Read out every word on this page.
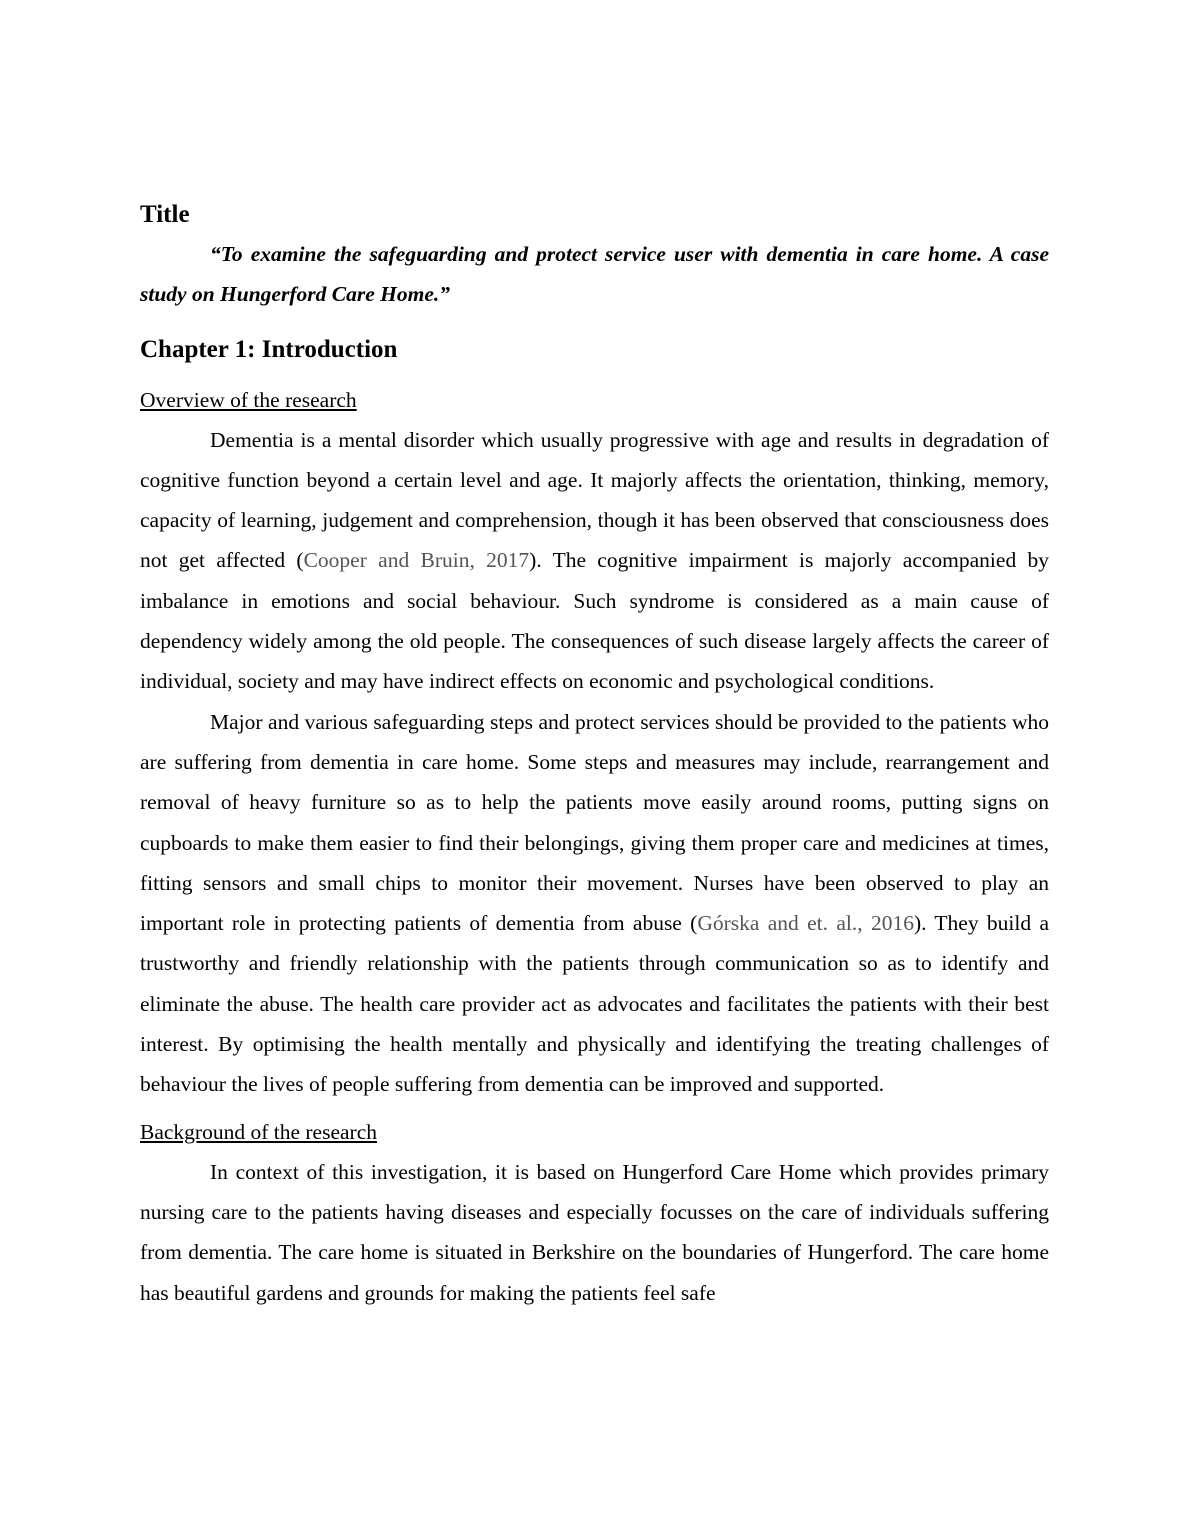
Title

“To examine the safeguarding and protect service user with dementia in care home. A case study on Hungerford Care Home.”

Chapter 1: Introduction
Overview of the research

Dementia is a mental disorder which usually progressive with age and results in degradation of cognitive function beyond a certain level and age. It majorly affects the orientation, thinking, memory, capacity of learning, judgement and comprehension, though it has been observed that consciousness does not get affected (Cooper and Bruin, 2017). The cognitive impairment is majorly accompanied by imbalance in emotions and social behaviour. Such syndrome is considered as a main cause of dependency widely among the old people. The consequences of such disease largely affects the career of individual, society and may have indirect effects on economic and psychological conditions.

Major and various safeguarding steps and protect services should be provided to the patients who are suffering from dementia in care home. Some steps and measures may include, rearrangement and removal of heavy furniture so as to help the patients move easily around rooms, putting signs on cupboards to make them easier to find their belongings, giving them proper care and medicines at times, fitting sensors and small chips to monitor their movement. Nurses have been observed to play an important role in protecting patients of dementia from abuse (Górska and et. al., 2016). They build a trustworthy and friendly relationship with the patients through communication so as to identify and eliminate the abuse. The health care provider act as advocates and facilitates the patients with their best interest. By optimising the health mentally and physically and identifying the treating challenges of behaviour the lives of people suffering from dementia can be improved and supported.

Background of the research

In context of this investigation, it is based on Hungerford Care Home which provides primary nursing care to the patients having diseases and especially focusses on the care of individuals suffering from dementia. The care home is situated in Berkshire on the boundaries of Hungerford. The care home has beautiful gardens and grounds for making the patients feel safe
